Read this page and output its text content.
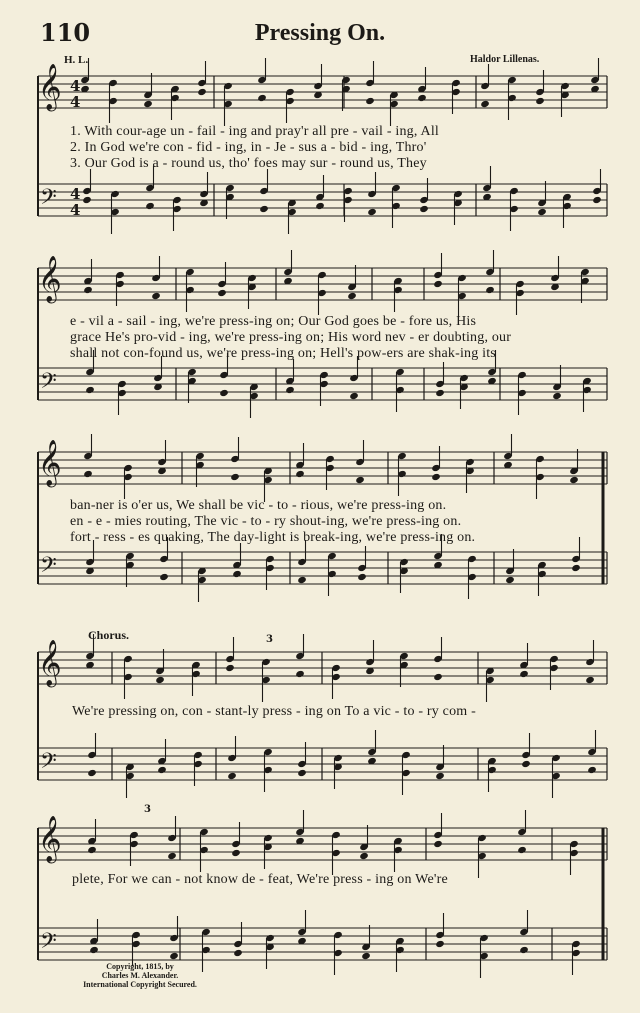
110	Pressing On.
H. L.	Haldor Lillenas.
𝄞
𝄢
4
4
4
4
𝄞
𝄢
𝄞
𝄢
𝄞
𝄢
𝄞
𝄢
1. With cour-age un - fail - ing and pray'r all pre - vail - ing, All
2. In God we're con - fid - ing, in - Je - sus a - bid - ing, Thro'
3. Our God is a - round us, tho' foes may sur - round us, They
e - vil a - sail - ing, we're press-ing on; Our God goes be - fore us, His
grace He's pro-vid - ing, we're press-ing on; His word nev - er doubting, our
shall not con-found us, we're press-ing on; Hell's pow-ers are shak-ing its
ban-ner is o'er us, We shall be vic - to - rious, we're press-ing on.
en - e - mies routing, The vic - to - ry shout-ing, we're press-ing on.
fort - ress - es quaking, The day-light is break-ing, we're press-ing on.
Chorus.	3
We're pressing on, con - stant-ly press - ing on To a vic - to - ry com -
3
plete, For we can - not know de - feat, We're press - ing on We're
Copyright, 1815, by
Charles M. Alexander.
International Copyright Secured.
